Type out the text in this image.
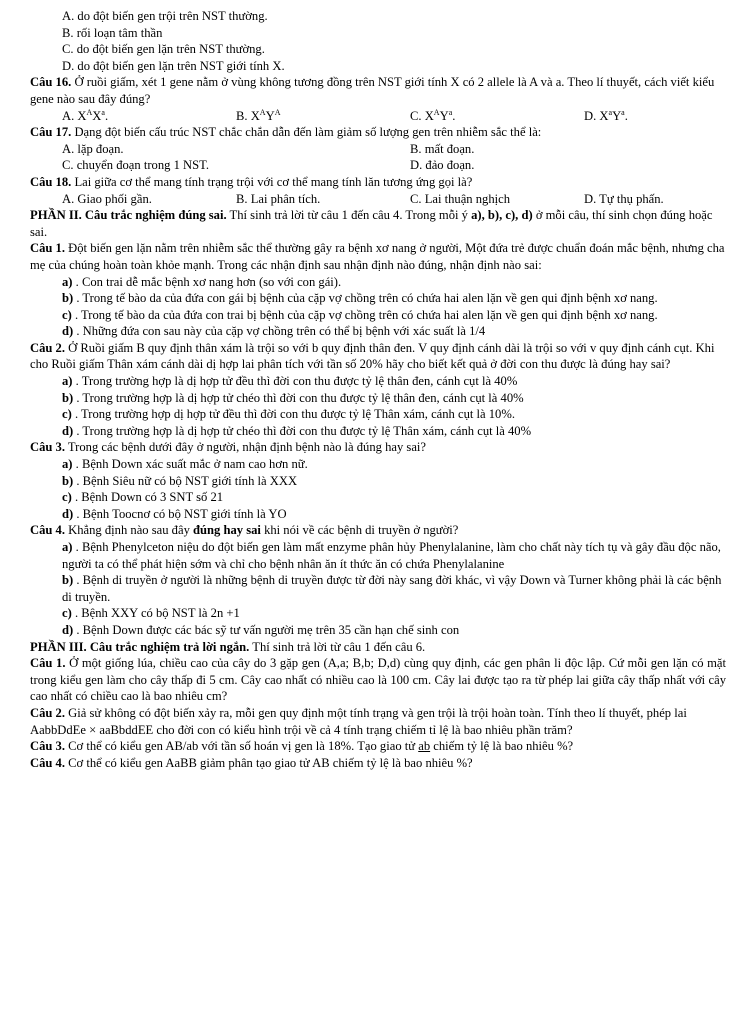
A. do đột biến gen trội trên NST thường.

B. rối loạn tâm thần

C. do đột biến gen lặn trên NST thường.

D. do đột biến gen lặn trên NST giới tính X.

Câu 16. Ở ruồi giấm, xét 1 gene nằm ở vùng không tương đồng trên NST giới tính X có 2 allele là A và a. Theo lí thuyết, cách viết kiểu gene nào sau đây đúng?

A. $X^AX^a$.	B. $X^AY^A$	C. $X^AY^a$.	D. $X^aY^a$.

Câu 17. Dạng đột biến cấu trúc NST chắc chắn dẫn đến làm giảm số lượng gen trên nhiễm sắc thể là:

A. lặp đoạn.	B. mất đoạn.
C. chuyển đoạn trong 1 NST.	D. đảo đoạn.

Câu 18. Lai giữa cơ thể mang tính trạng trội với cơ thể mang tính lăn tương ứng gọi là?

A. Giao phối gần.	B. Lai phân tích.	C. Lai thuận nghịch	D. Tự thụ phấn.

PHẦN II. Câu trắc nghiệm đúng sai. Thí sinh trả lời từ câu 1 đến câu 4. Trong mỗi ý a), b), c), d) ở mỗi câu, thí sinh chọn đúng hoặc sai.

Câu 1. Đột biến gen lặn nằm trên nhiễm sắc thể thường gây ra bệnh xơ nang ở người, Một đứa trẻ được chuẩn đoán mắc bệnh, nhưng cha mẹ của chúng hoàn toàn khỏe mạnh. Trong các nhận định sau nhận định nào đúng, nhận định nào sai:

a) . Con trai dễ mắc bệnh xơ nang hơn (so với con gái).

b) . Trong tế bào da của đứa con gái bị bệnh của cặp vợ chồng trên có chứa hai alen lặn về gen qui định bệnh xơ nang.

c) . Trong tế bào da của đứa con trai bị bệnh của cặp vợ chồng trên có chứa hai alen lặn về gen qui định bệnh xơ nang.

d) . Những đứa con sau này của cặp vợ chồng trên có thể bị bệnh với xác suất là 1/4

Câu 2. Ở Ruồi giấm B quy định thân xám là trội so với b quy định thân đen. V quy định cánh dài là trội so với v quy định cánh cụt. Khi cho Ruồi giấm Thân xám cánh dài dị hợp lai phân tích với tần số 20% hãy cho biết kết quả ở đời con thu được là đúng hay sai?

a) . Trong trường hợp là dị hợp tử đều thì đời con thu được tỷ lệ thân đen, cánh cụt là 40%

b) . Trong trường hợp là dị hợp tử chéo thì đời con thu được tỷ lệ thân đen, cánh cụt là 40%

c) . Trong trường hợp dị hợp tử đều thì đời con thu được tỷ lệ Thân xám, cánh cụt là 10%.

d) . Trong trường hợp là dị hợp tử chéo thì đời con thu được tỷ lệ Thân xám, cánh cụt là 40%

Câu 3. Trong các bệnh dưới đây ở người, nhận định bệnh nào là đúng hay sai?

a) . Bệnh Down xác suất mắc ở nam cao hơn nữ.

b) . Bệnh Siêu nữ có bộ NST giới tính là XXX

c) . Bệnh Down có 3 SNT số 21

d) . Bệnh Toocnơ có bộ NST giới tính là YO

Câu 4. Khẳng định nào sau đây đúng hay sai khi nói về các bệnh di truyền ở người?

a) . Bệnh Phenylceton niệu do đột biến gen làm mất enzyme phân hủy Phenylalanine, làm cho chất này tích tụ và gây đầu độc não, người ta có thể phát hiện sớm và chỉ cho bệnh nhân ăn ít thức ăn có chứa Phenylalanine

b) . Bệnh di truyền ở người là những bệnh di truyền được từ đời này sang đời khác, vì vậy Down và Turner không phải là các bệnh di truyền.

c) . Bệnh XXY có bộ NST là 2n +1

d) . Bệnh Down được các bác sỹ tư vấn người mẹ trên 35 cần hạn chế sinh con

PHẦN III. Câu trắc nghiệm trả lời ngắn. Thí sinh trả lời từ câu 1 đến câu 6.

Câu 1. Ở một giống lúa, chiều cao của cây do 3 gặp gen (A,a; B,b; D,d) cùng quy định, các gen phân li độc lập. Cứ mỗi gen lặn có mặt trong kiểu gen làm cho cây thấp đi 5 cm. Cây cao nhất có nhiều cao là 100 cm. Cây lai được tạo ra từ phép lai giữa cây thấp nhất với cây cao nhất có chiều cao là bao nhiêu cm?

Câu 2. Giả sử không có đột biến xảy ra, mỗi gen quy định một tính trạng và gen trội là trội hoàn toàn. Tính theo lí thuyết, phép lai AabbDdEe × aaBbddEE cho đời con có kiểu hình trội về cả 4 tính trạng chiếm tỉ lệ là bao nhiêu phần trăm?

Câu 3. Cơ thể có kiểu gen AB/ab với tần số hoán vị gen là 18%. Tạo giao tử ab chiếm tỷ lệ là bao nhiêu %?

Câu 4. Cơ thể có kiểu gen AaBB giảm phân tạo giao tử AB chiếm tỷ lệ là bao nhiêu %?
